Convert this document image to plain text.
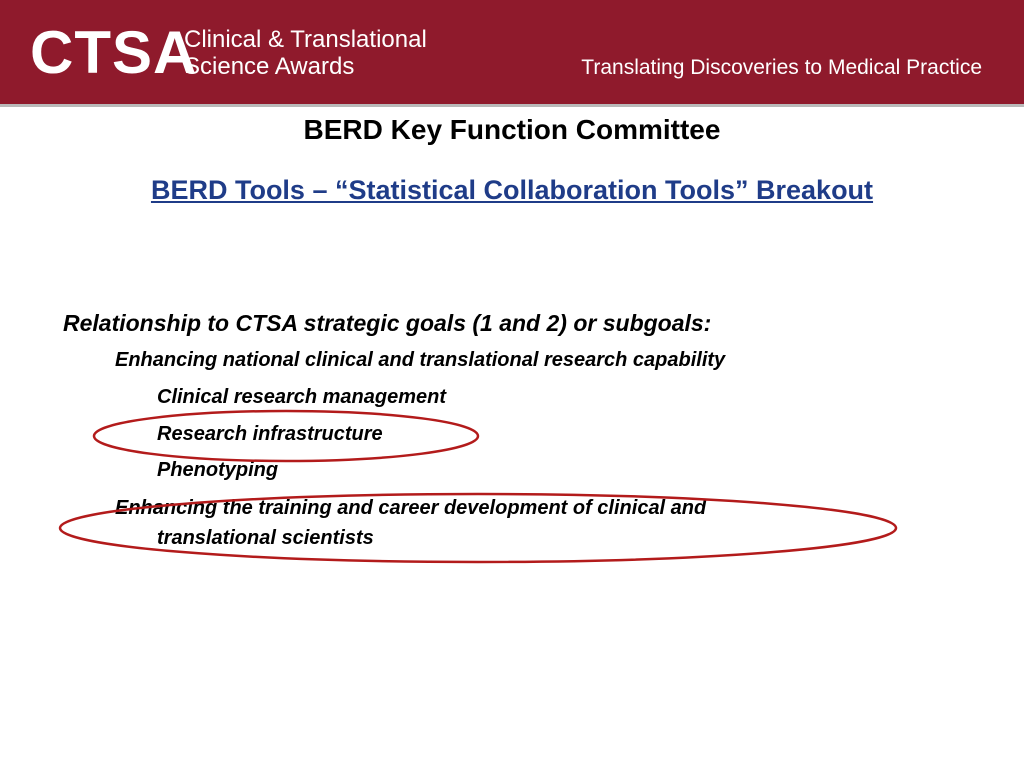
CTSA
Clinical & Translational
Science Awards	Translating Discoveries to Medical Practice
BERD Key Function Committee
BERD Tools – “Statistical Collaboration Tools” Breakout
Relationship to CTSA strategic goals (1 and 2) or subgoals:
Enhancing national clinical and translational research capability
Clinical research management
Research infrastructure
Phenotyping
Enhancing the training and career development of clinical and
translational scientists
